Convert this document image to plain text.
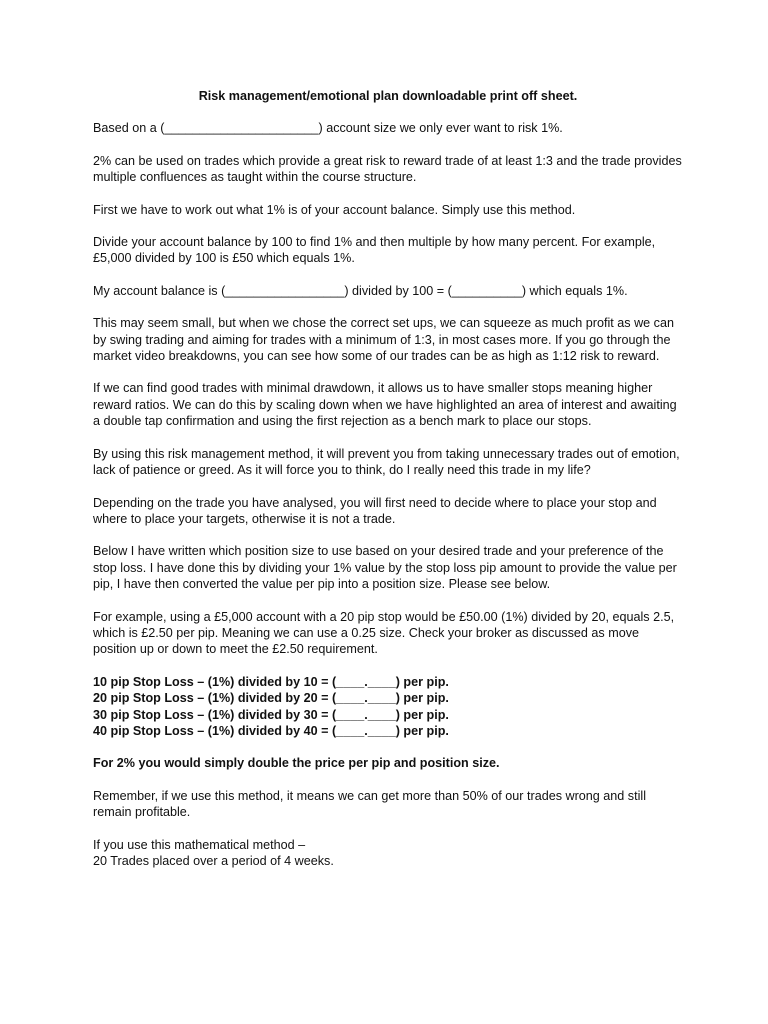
Risk management/emotional plan downloadable print off sheet.

Based on a (______________________) account size we only ever want to risk 1%.

2% can be used on trades which provide a great risk to reward trade of at least 1:3 and the trade provides multiple confluences as taught within the course structure.

First we have to work out what 1% is of your account balance. Simply use this method.

Divide your account balance by 100 to find 1% and then multiple by how many percent. For example, £5,000 divided by 100 is £50 which equals 1%.

My account balance is (_________________) divided by 100 = (__________) which equals 1%.

This may seem small, but when we chose the correct set ups, we can squeeze as much profit as we can by swing trading and aiming for trades with a minimum of 1:3, in most cases more. If you go through the market video breakdowns, you can see how some of our trades can be as high as 1:12 risk to reward.

If we can find good trades with minimal drawdown, it allows us to have smaller stops meaning higher reward ratios. We can do this by scaling down when we have highlighted an area of interest and awaiting a double tap confirmation and using the first rejection as a bench mark to place our stops.

By using this risk management method, it will prevent you from taking unnecessary trades out of emotion, lack of patience or greed. As it will force you to think, do I really need this trade in my life?

Depending on the trade you have analysed, you will first need to decide where to place your stop and where to place your targets, otherwise it is not a trade.

Below I have written which position size to use based on your desired trade and your preference of the stop loss. I have done this by dividing your 1% value by the stop loss pip amount to provide the value per pip, I have then converted the value per pip into a position size. Please see below.

For example, using a £5,000 account with a 20 pip stop would be £50.00 (1%) divided by 20, equals 2.5, which is £2.50 per pip. Meaning we can use a 0.25 size. Check your broker as discussed as move position up or down to meet the £2.50 requirement.

10 pip Stop Loss – (1%) divided by 10 = (____.____) per pip.

20 pip Stop Loss – (1%) divided by 20 = (____.____) per pip.

30 pip Stop Loss – (1%) divided by 30 = (____.____) per pip.

40 pip Stop Loss – (1%) divided by 40 = (____.____) per pip.

For 2% you would simply double the price per pip and position size.

Remember, if we use this method, it means we can get more than 50% of our trades wrong and still remain profitable.

If you use this mathematical method –

20 Trades placed over a period of 4 weeks.
